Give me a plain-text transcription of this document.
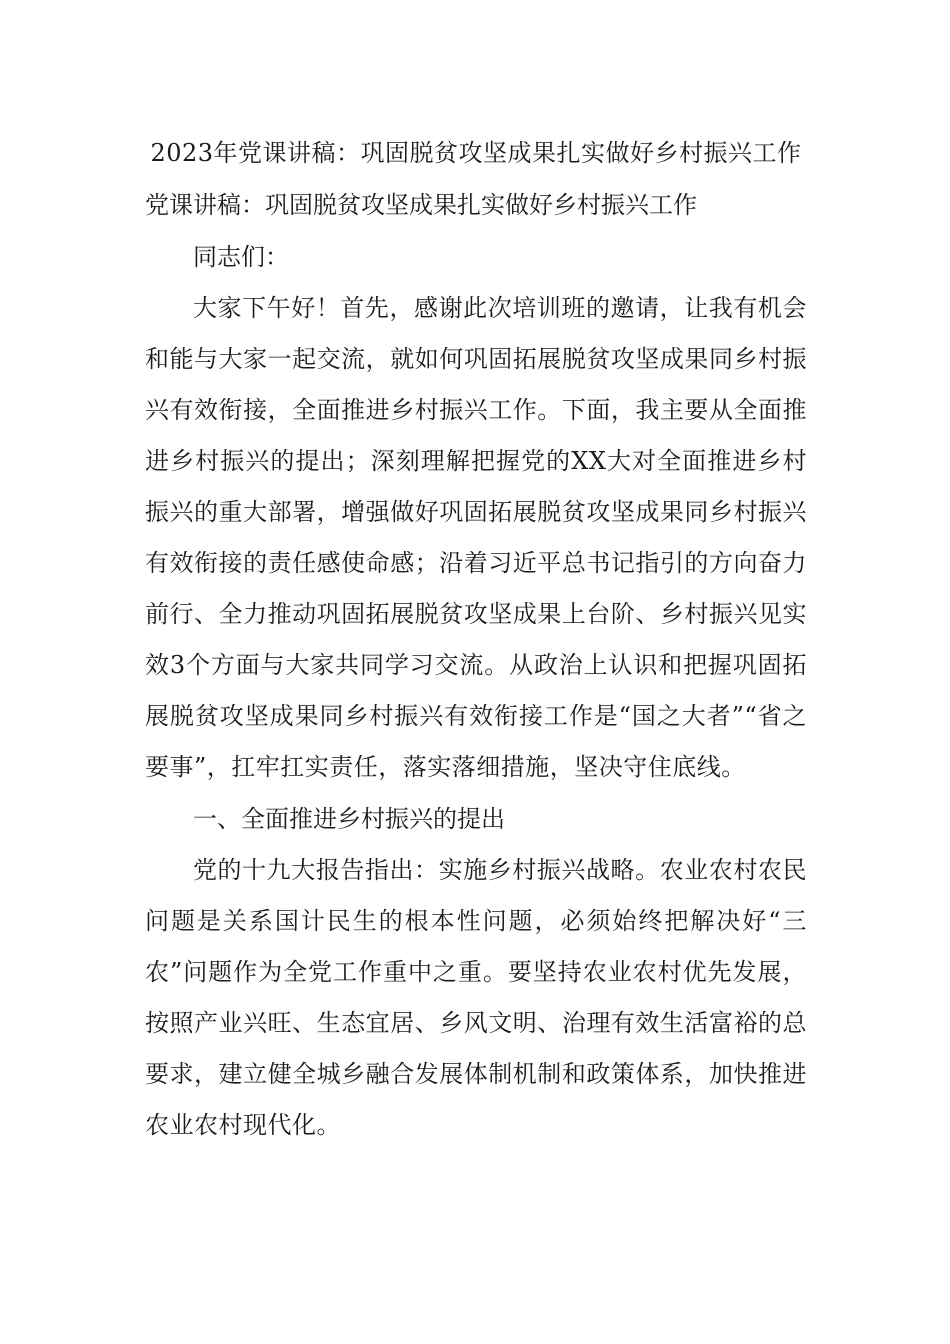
2023年党课讲稿：巩固脱贫攻坚成果扎实做好乡村振兴工作

党课讲稿：巩固脱贫攻坚成果扎实做好乡村振兴工作

同志们：

大家下午好！首先，感谢此次培训班的邀请，让我有机会和能与大家一起交流，就如何巩固拓展脱贫攻坚成果同乡村振兴有效衔接，全面推进乡村振兴工作。下面，我主要从全面推进乡村振兴的提出；深刻理解把握党的XX大对全面推进乡村振兴的重大部署，增强做好巩固拓展脱贫攻坚成果同乡村振兴有效衔接的责任感使命感；沿着习近平总书记指引的方向奋力前行、全力推动巩固拓展脱贫攻坚成果上台阶、乡村振兴见实效3个方面与大家共同学习交流。从政治上认识和把握巩固拓展脱贫攻坚成果同乡村振兴有效衔接工作是“国之大者”“省之要事”，扛牢扛实责任，落实落细措施，坚决守住底线。

一、全面推进乡村振兴的提出

党的十九大报告指出：实施乡村振兴战略。农业农村农民问题是关系国计民生的根本性问题，必须始终把解决好“三农”问题作为全党工作重中之重。要坚持农业农村优先发展，按照产业兴旺、生态宜居、乡风文明、治理有效生活富裕的总要求，建立健全城乡融合发展体制机制和政策体系，加快推进农业农村现代化。
